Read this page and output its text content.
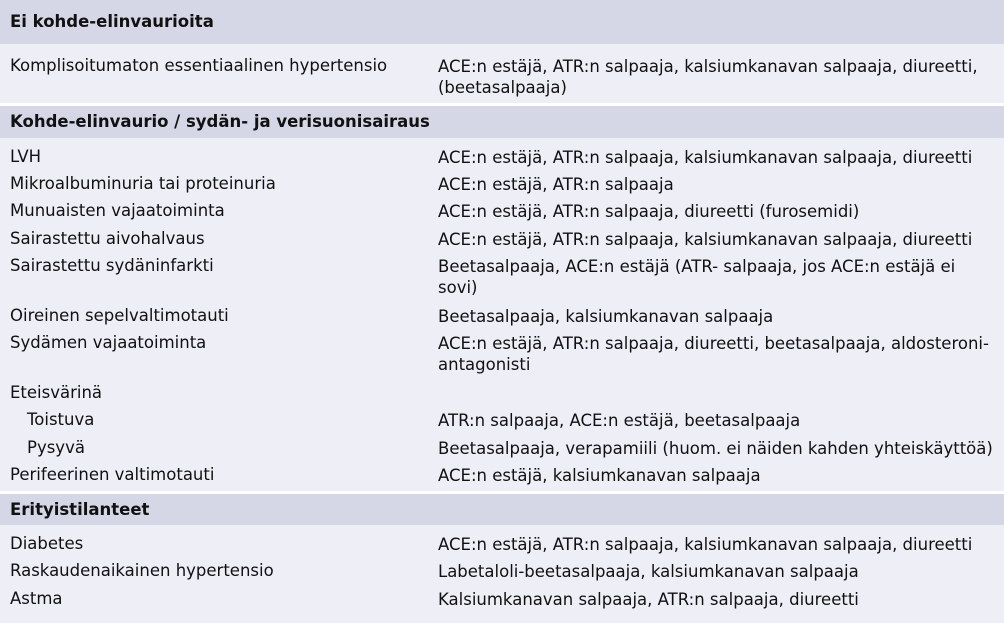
Ei kohde-elinvaurioita
Komplisoitumaton essentiaalinen hypertensio	ACE:n estäjä, ATR:n salpaaja, kalsiumkanavan salpaaja, diureetti, (beetasalpaaja)
Kohde-elinvaurio / sydän- ja verisuonisairaus
LVH	ACE:n estäjä, ATR:n salpaaja, kalsiumkanavan salpaaja, diureetti
Mikroalbuminuria tai proteinuria	ACE:n estäjä, ATR:n salpaaja
Munuaisten vajaatoiminta	ACE:n estäjä, ATR:n salpaaja, diureetti (furosemidi)
Sairastettu aivohalvaus	ACE:n estäjä, ATR:n salpaaja, kalsiumkanavan salpaaja, diureetti
Sairastettu sydäninfarkti	Beetasalpaaja, ACE:n estäjä (ATR- salpaaja, jos ACE:n estäjä ei sovi)
Oireinen sepelvaltimotauti	Beetasalpaaja, kalsiumkanavan salpaaja
Sydämen vajaatoiminta	ACE:n estäjä, ATR:n salpaaja, diureetti, beetasalpaaja, aldosteroni-antagonisti
Eteisvärinä
Toistuva	ATR:n salpaaja, ACE:n estäjä, beetasalpaaja
Pysyvä	Beetasalpaaja, verapamiili (huom. ei näiden kahden yhteiskäyttöä)
Perifeerinen valtimotauti	ACE:n estäjä, kalsiumkanavan salpaaja
Erityistilanteet
Diabetes	ACE:n estäjä, ATR:n salpaaja, kalsiumkanavan salpaaja, diureetti
Raskaudenaikainen hypertensio	Labetaloli-beetasalpaaja, kalsiumkanavan salpaaja
Astma	Kalsiumkanavan salpaaja, ATR:n salpaaja, diureetti
